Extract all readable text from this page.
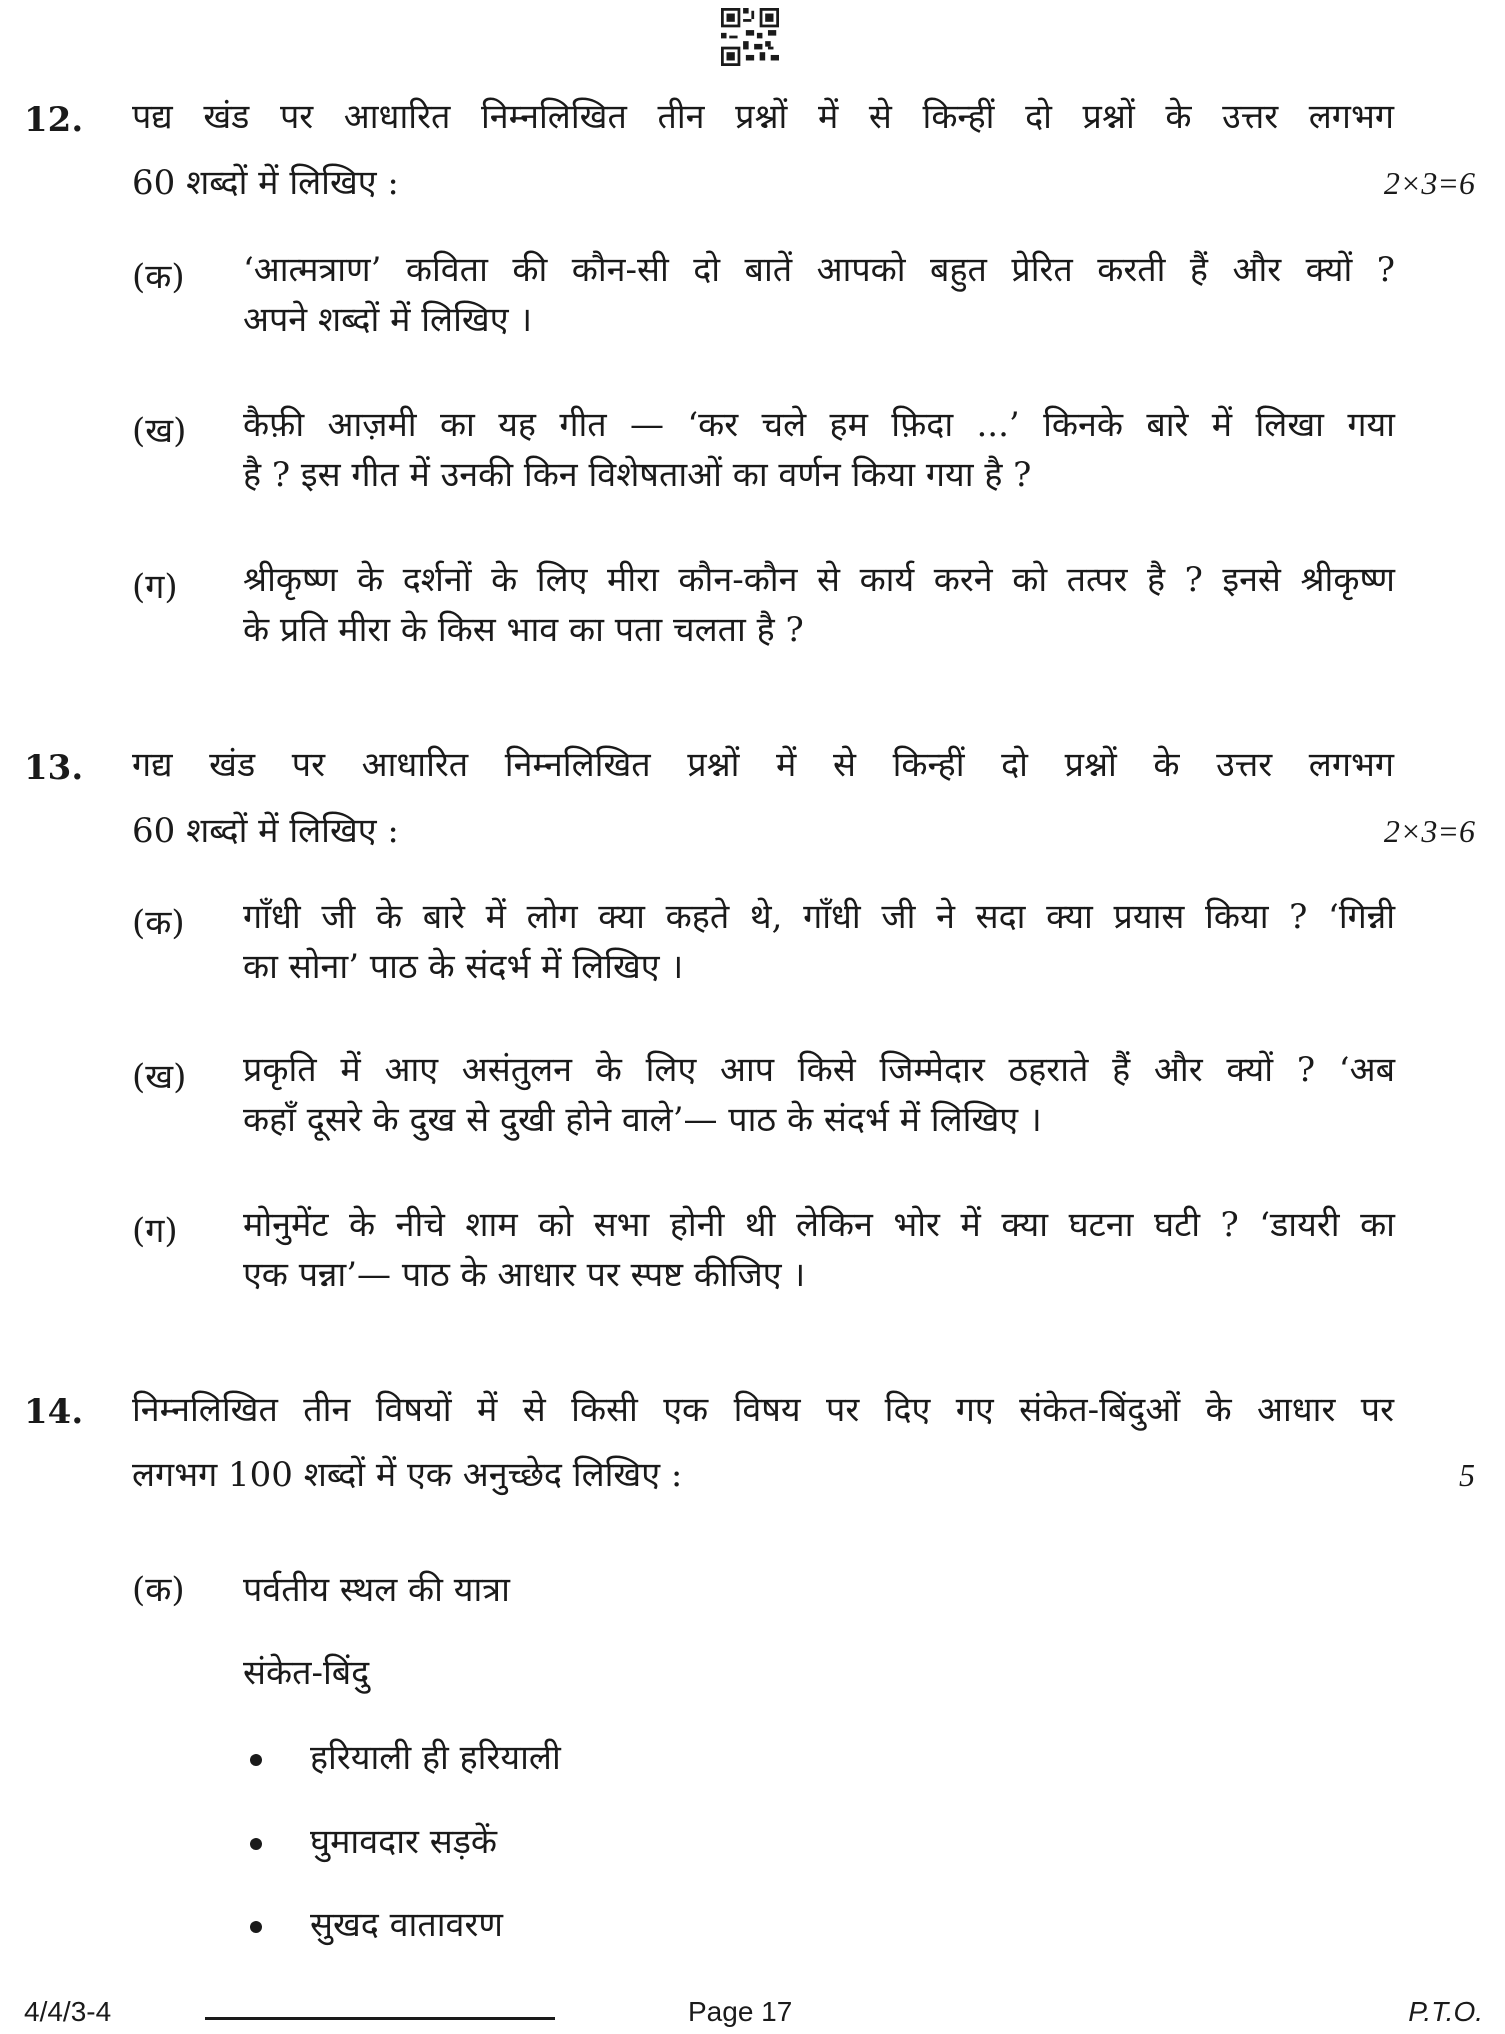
12. पद्य खंड पर आधारित निम्नलिखित तीन प्रश्नों में से किन्हीं दो प्रश्नों के उत्तर लगभग
60 शब्दों में लिखिए :	2×3=6
(क) ‘आत्मत्राण’ कविता की कौन-सी दो बातें आपको बहुत प्रेरित करती हैं और क्यों ?
अपने शब्दों में लिखिए ।
(ख) कैफ़ी आज़मी का यह गीत — ‘कर चले हम फ़िदा ...’ किनके बारे में लिखा गया
है ? इस गीत में उनकी किन विशेषताओं का वर्णन किया गया है ?
(ग) श्रीकृष्ण के दर्शनों के लिए मीरा कौन-कौन से कार्य करने को तत्पर है ? इनसे श्रीकृष्ण
के प्रति मीरा के किस भाव का पता चलता है ?
13. गद्य खंड पर आधारित निम्नलिखित प्रश्नों में से किन्हीं दो प्रश्नों के उत्तर लगभग
60 शब्दों में लिखिए :	2×3=6
(क) गाँधी जी के बारे में लोग क्या कहते थे, गाँधी जी ने सदा क्या प्रयास किया ? ‘गिन्नी
का सोना’ पाठ के संदर्भ में लिखिए ।
(ख) प्रकृति में आए असंतुलन के लिए आप किसे जिम्मेदार ठहराते हैं और क्यों ? ‘अब
कहाँ दूसरे के दुख से दुखी होने वाले’— पाठ के संदर्भ में लिखिए ।
(ग) मोनुमेंट के नीचे शाम को सभा होनी थी लेकिन भोर में क्या घटना घटी ? ‘डायरी का
एक पन्ना’— पाठ के आधार पर स्पष्ट कीजिए ।
14. निम्नलिखित तीन विषयों में से किसी एक विषय पर दिए गए संकेत-बिंदुओं के आधार पर
लगभग 100 शब्दों में एक अनुच्छेद लिखिए :	5
(क) पर्वतीय स्थल की यात्रा
संकेत-बिंदु
हरियाली ही हरियाली
घुमावदार सड़कें
सुखद वातावरण
4/4/3-4	Page 17	P.T.O.
